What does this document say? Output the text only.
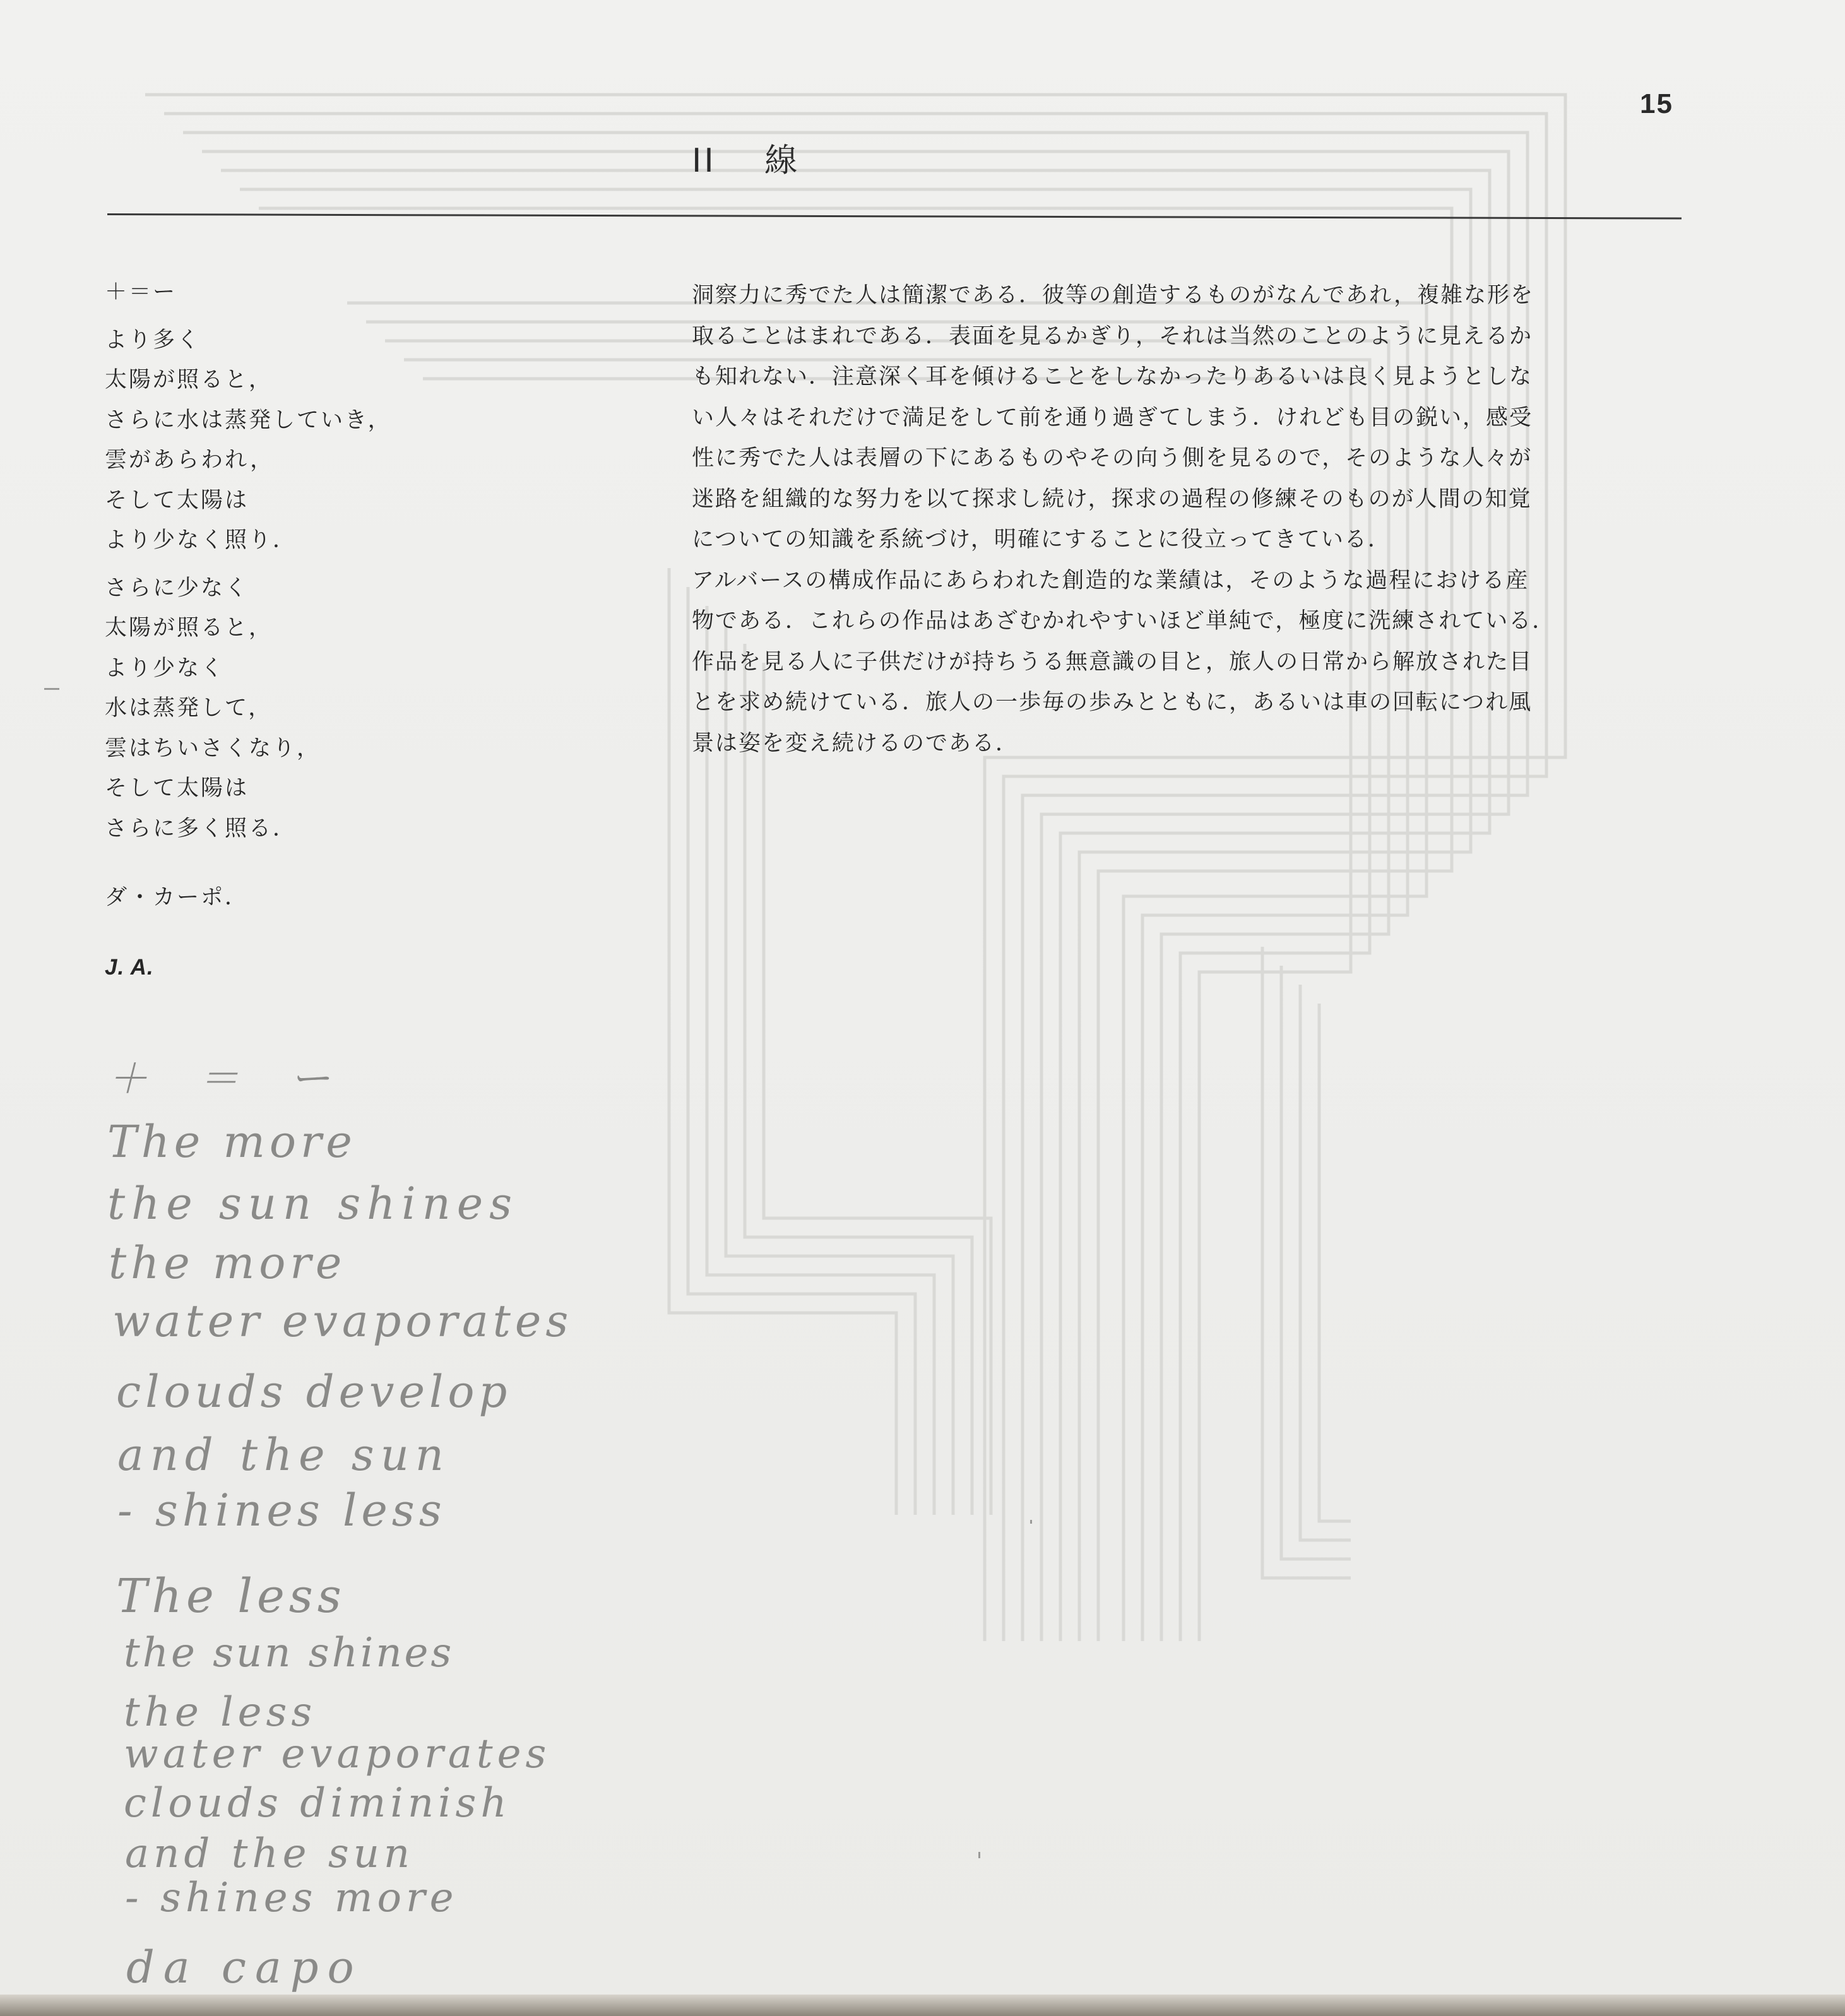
15
II　 線
＋＝ー
より多く
太陽が照ると，
さらに水は蒸発していき，
雲があらわれ，
そして太陽は
より少なく照り．
さらに少なく
太陽が照ると，
より少なく
水は蒸発して，
雲はちいさくなり，
そして太陽は
さらに多く照る．
ダ・カーポ．
J. A.
洞察力に秀でた人は簡潔である．彼等の創造するものがなんであれ，複雑な形を
取ることはまれである．表面を見るかぎり，それは当然のことのように見えるか
も知れない．注意深く耳を傾けることをしなかったりあるいは良く見ようとしな
い人々はそれだけで満足をして前を通り過ぎてしまう．けれども目の鋭い，感受
性に秀でた人は表層の下にあるものやその向う側を見るので，そのような人々が
迷路を組織的な努力を以て探求し続け，探求の過程の修練そのものが人間の知覚
についての知識を系統づけ，明確にすることに役立ってきている．
アルバースの構成作品にあらわれた創造的な業績は，そのような過程における産
物である．これらの作品はあざむかれやすいほど単純で，極度に洗練されている．
作品を見る人に子供だけが持ちうる無意識の目と，旅人の日常から解放された目
とを求め続けている．旅人の一歩毎の歩みとともに，あるいは車の回転につれ風
景は姿を変え続けるのである．
＋ ＝ ー
The more
the sun shines
the more
water evaporates
clouds develop
and the sun
- shines less
The less
the sun shines
the less
water evaporates
clouds diminish
and the sun
- shines more
da capo
